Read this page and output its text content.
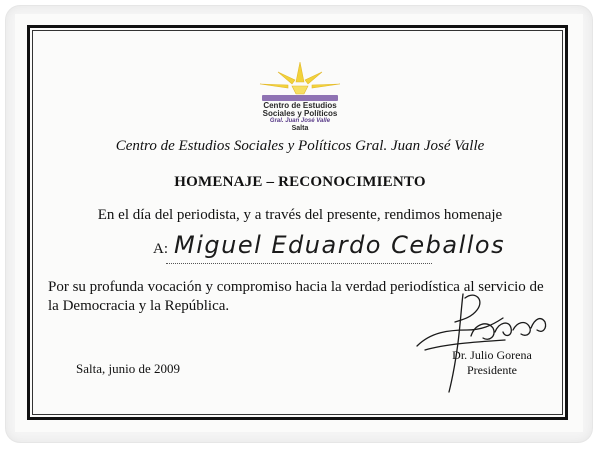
Centro de Estudios
Sociales y Políticos
Gral. Juan José Valle
Salta
Centro de Estudios Sociales y Políticos Gral. Juan José Valle
HOMENAJE – RECONOCIMIENTO
En el día del periodista, y a través del presente, rendimos homenaje
A: Miguel Eduardo Ceballos
Por su profunda vocación y compromiso hacia la verdad periodística al servicio de la Democracia y la República.
Salta, junio de 2009
Dr. Julio Gorena
Presidente
